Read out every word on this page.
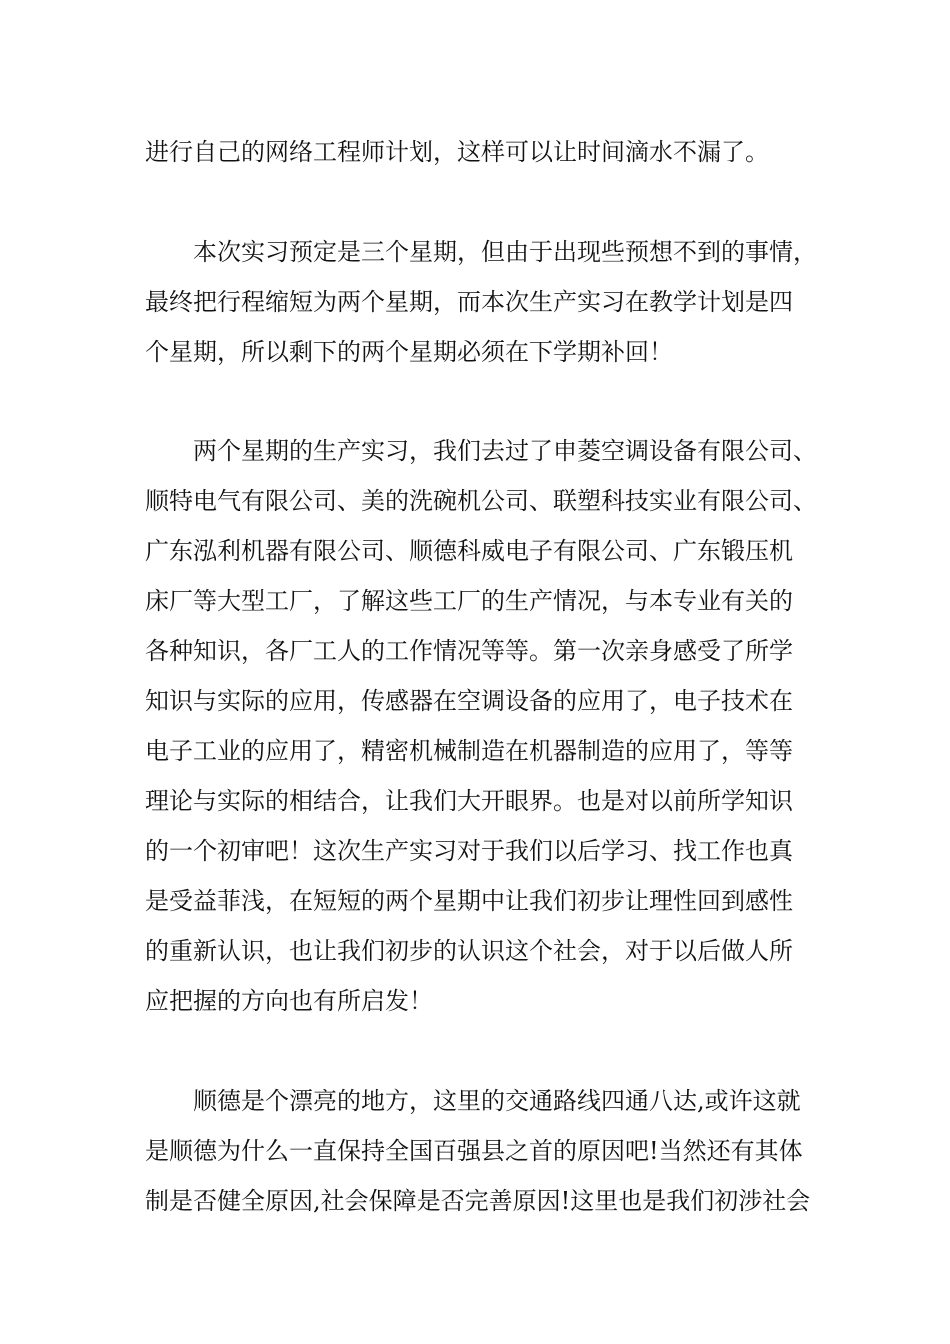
进行自己的网络工程师计划，这样可以让时间滴水不漏了。
本次实习预定是三个星期，但由于出现些预想不到的事情，
最终把行程缩短为两个星期，而本次生产实习在教学计划是四
个星期，所以剩下的两个星期必须在下学期补回！
两个星期的生产实习，我们去过了申菱空调设备有限公司、
顺特电气有限公司、美的洗碗机公司、联塑科技实业有限公司、
广东泓利机器有限公司、顺德科威电子有限公司、广东锻压机
床厂等大型工厂，了解这些工厂的生产情况，与本专业有关的
各种知识，各厂工人的工作情况等等。第一次亲身感受了所学
知识与实际的应用，传感器在空调设备的应用了，电子技术在
电子工业的应用了，精密机械制造在机器制造的应用了，等等
理论与实际的相结合，让我们大开眼界。也是对以前所学知识
的一个初审吧！这次生产实习对于我们以后学习、找工作也真
是受益菲浅，在短短的两个星期中让我们初步让理性回到感性
的重新认识，也让我们初步的认识这个社会，对于以后做人所
应把握的方向也有所启发！
顺德是个漂亮的地方，这里的交通路线四通八达,或许这就
是顺德为什么一直保持全国百强县之首的原因吧!当然还有其体
制是否健全原因,社会保障是否完善原因!这里也是我们初涉社会
